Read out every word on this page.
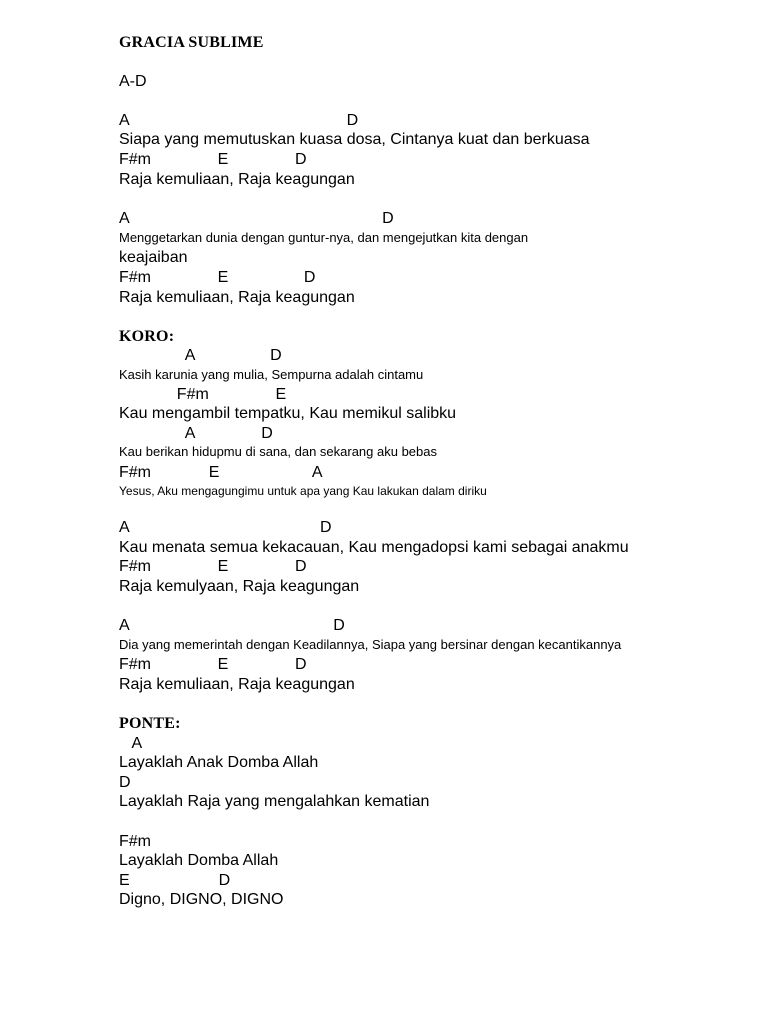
GRACIA SUBLIME
A-D
A                                                 D
Siapa yang memutuskan kuasa dosa, Cintanya kuat dan berkuasa
F#m               E               D
Raja kemuliaan, Raja keagungan
A                                                         D
Menggetarkan dunia dengan guntur-nya, dan mengejutkan kita dengan
keajaiban
F#m               E                 D
Raja kemuliaan, Raja keagungan
KORO:
A                 D
Kasih karunia yang mulia, Sempurna adalah cintamu
F#m               E
Kau mengambil tempatku, Kau memikul salibku
A               D
Kau berikan hidupmu di sana, dan sekarang aku bebas
F#m             E                     A
Yesus, Aku mengagungimu untuk apa yang Kau lakukan dalam diriku
A                                           D
Kau menata semua kekacauan, Kau mengadopsi kami sebagai anakmu
F#m               E               D
Raja kemulyaan, Raja keagungan
A                                              D
Dia yang memerintah dengan Keadilannya, Siapa yang bersinar dengan kecantikannya
F#m               E               D
Raja kemuliaan, Raja keagungan
PONTE:
A
Layaklah Anak Domba Allah
D
Layaklah Raja yang mengalahkan kematian
F#m
Layaklah Domba Allah
E                    D
Digno, DIGNO, DIGNO
